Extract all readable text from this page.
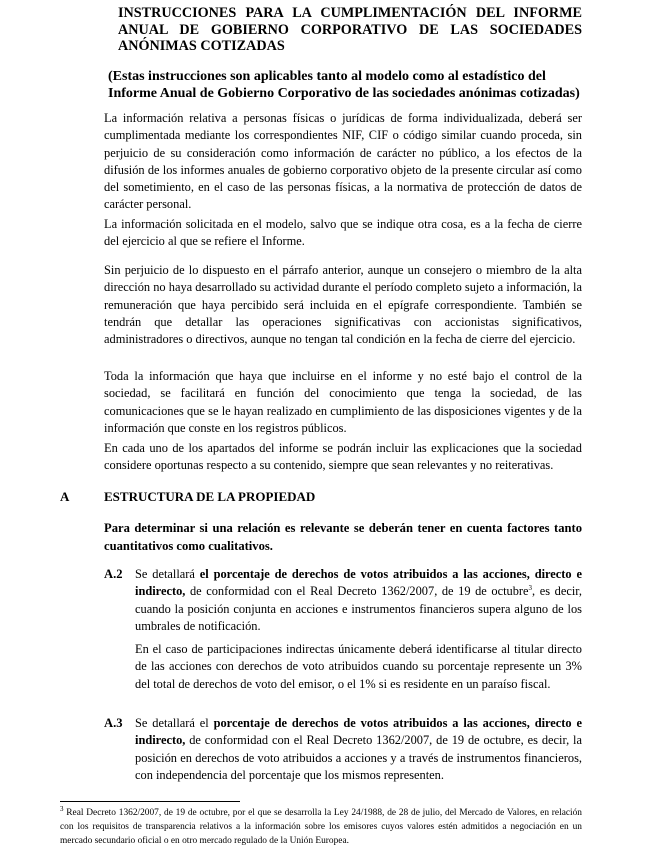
INSTRUCCIONES PARA LA CUMPLIMENTACIÓN DEL INFORME ANUAL DE GOBIERNO CORPORATIVO DE LAS SOCIEDADES ANÓNIMAS COTIZADAS
(Estas instrucciones son aplicables tanto al modelo como al estadístico del Informe Anual de Gobierno Corporativo de las sociedades anónimas cotizadas)
La información relativa a personas físicas o jurídicas de forma individualizada, deberá ser cumplimentada mediante los correspondientes NIF, CIF o código similar cuando proceda, sin perjuicio de su consideración como información de carácter no público, a los efectos de la difusión de los informes anuales de gobierno corporativo objeto de la presente circular así como del sometimiento, en el caso de las personas físicas, a la normativa de protección de datos de carácter personal.
La información solicitada en el modelo, salvo que se indique otra cosa, es a la fecha de cierre del ejercicio al que se refiere el Informe.
Sin perjuicio de lo dispuesto en el párrafo anterior, aunque un consejero o miembro de la alta dirección no haya desarrollado su actividad durante el período completo sujeto a información, la remuneración que haya percibido será incluida en el epígrafe correspondiente. También se tendrán que detallar las operaciones significativas con accionistas significativos, administradores o directivos, aunque no tengan tal condición en la fecha de cierre del ejercicio.
Toda la información que haya que incluirse en el informe y no esté bajo el control de la sociedad, se facilitará en función del conocimiento que tenga la sociedad, de las comunicaciones que se le hayan realizado en cumplimiento de las disposiciones vigentes y de la información que conste en los registros públicos.
En cada uno de los apartados del informe se podrán incluir las explicaciones que la sociedad considere oportunas respecto a su contenido, siempre que sean relevantes y no reiterativas.
A	ESTRUCTURA DE LA PROPIEDAD
Para determinar si una relación es relevante se deberán tener en cuenta factores tanto cuantitativos como cualitativos.
A.2 Se detallará el porcentaje de derechos de votos atribuidos a las acciones, directo e indirecto, de conformidad con el Real Decreto 1362/2007, de 19 de octubre$^3$, es decir, cuando la posición conjunta en acciones e instrumentos financieros supera alguno de los umbrales de notificación.
En el caso de participaciones indirectas únicamente deberá identificarse al titular directo de las acciones con derechos de voto atribuidos cuando su porcentaje represente un 3% del total de derechos de voto del emisor, o el 1% si es residente en un paraíso fiscal.
A.3 Se detallará el porcentaje de derechos de votos atribuidos a las acciones, directo e indirecto, de conformidad con el Real Decreto 1362/2007, de 19 de octubre, es decir, la posición en derechos de voto atribuidos a acciones y a través de instrumentos financieros, con independencia del porcentaje que los mismos representen.
$^3$ Real Decreto 1362/2007, de 19 de octubre, por el que se desarrolla la Ley 24/1988, de 28 de julio, del Mercado de Valores, en relación con los requisitos de transparencia relativos a la información sobre los emisores cuyos valores estén admitidos a negociación en un mercado secundario oficial o en otro mercado regulado de la Unión Europea.
